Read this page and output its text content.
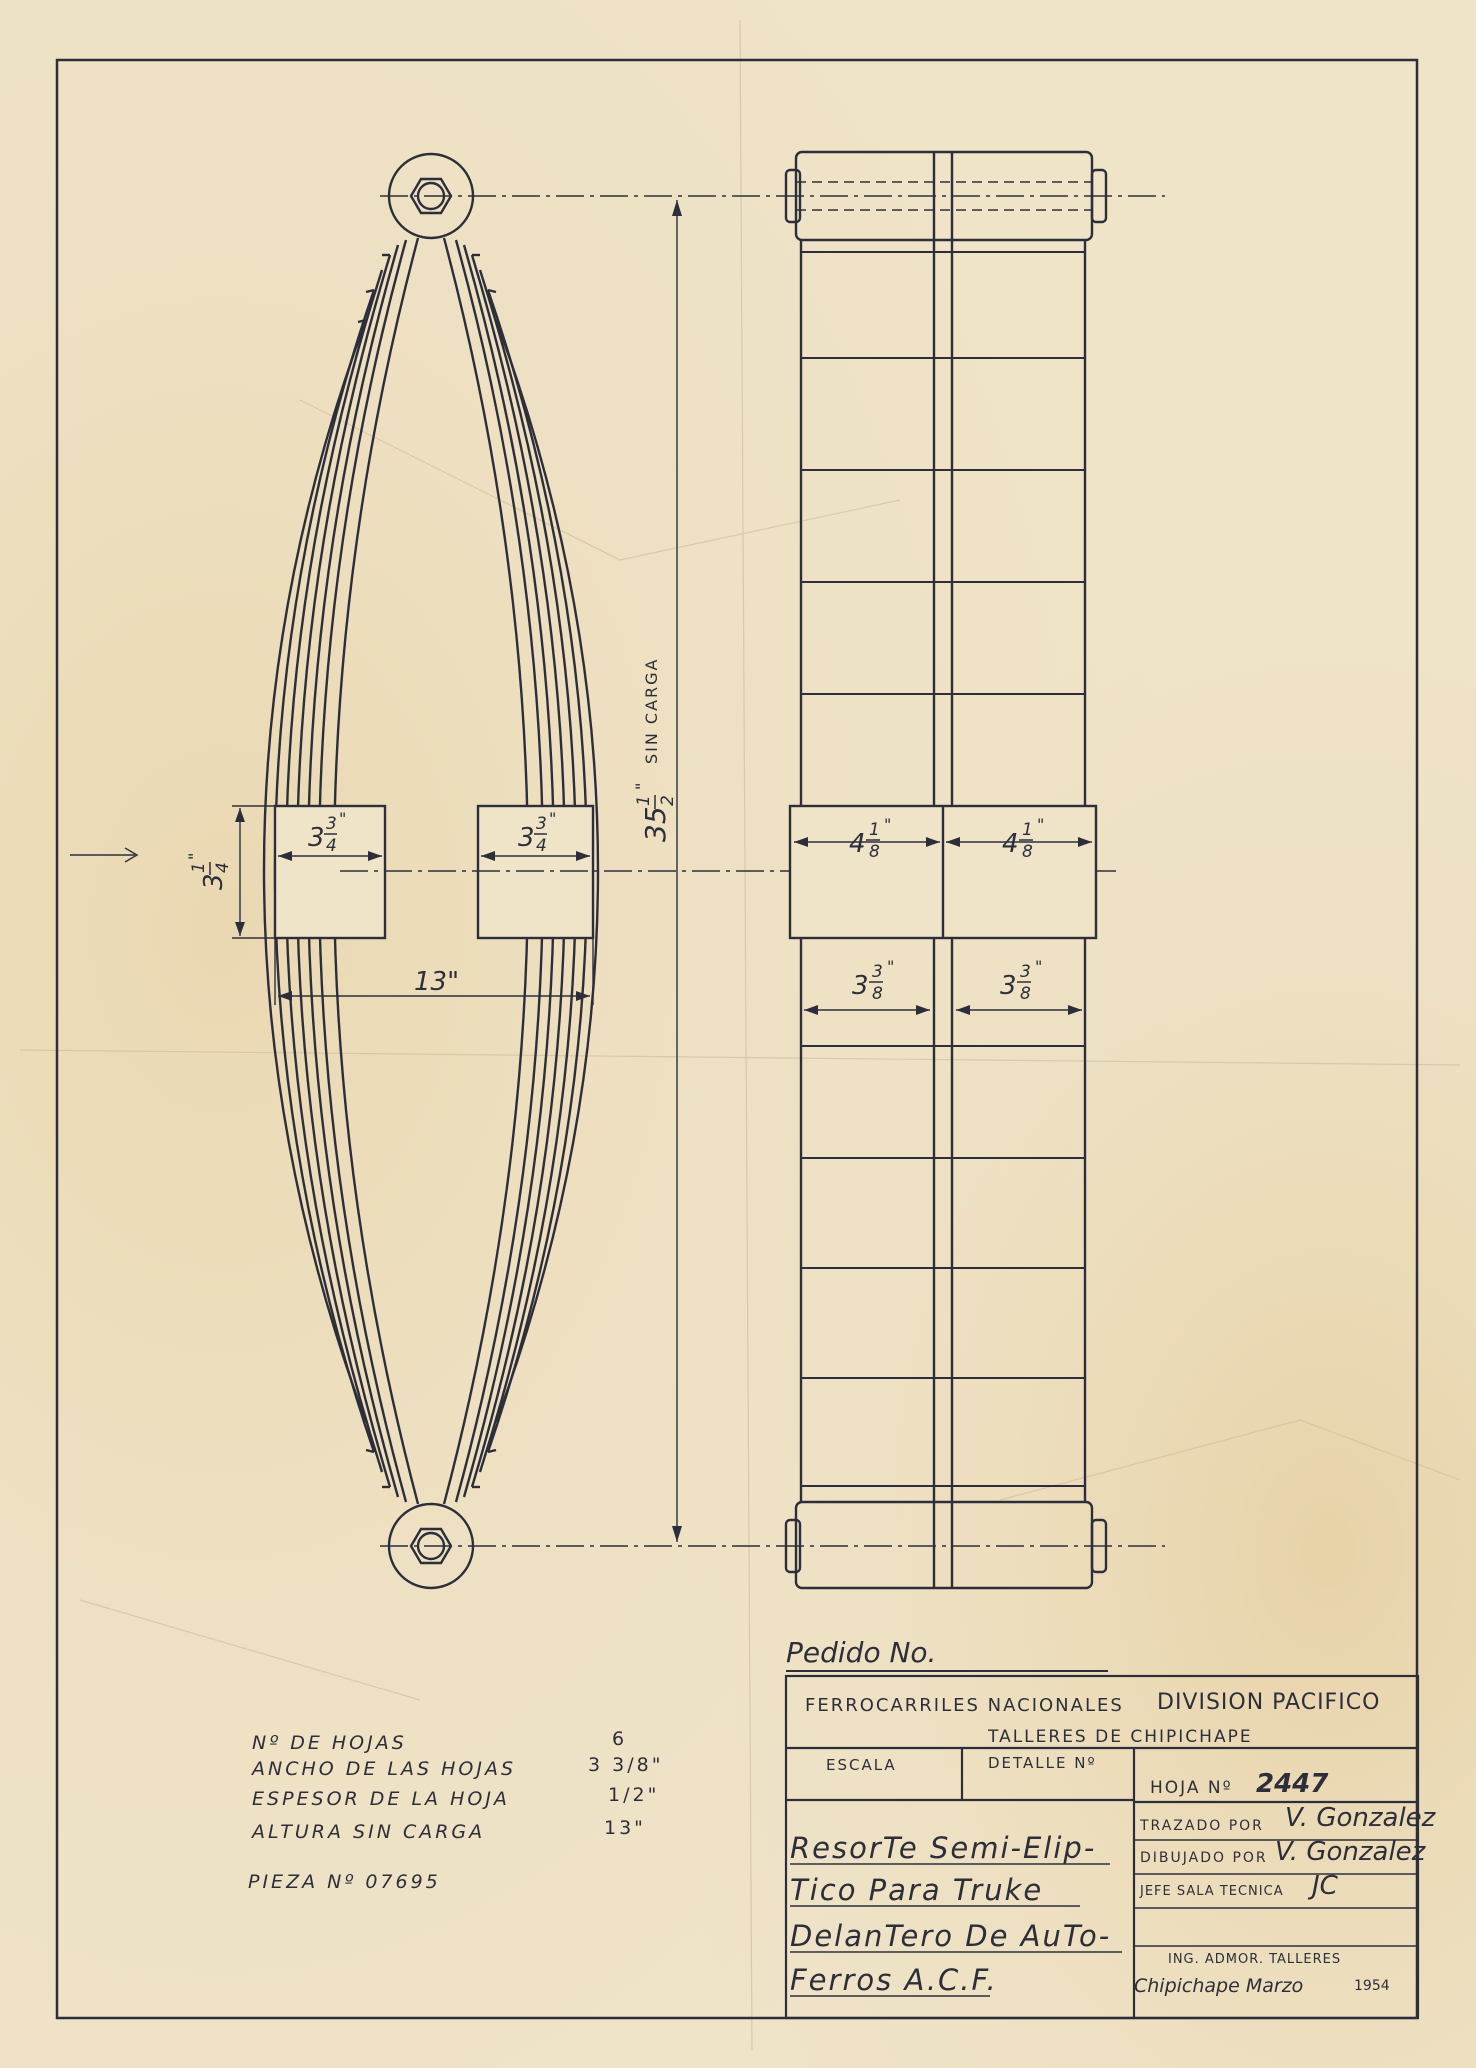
3 3
4
"
3 3
4
"
3
1 4
"
13"
35
1 2
"
SIN CARGA
4 1
8
"
4 1
8
"
3 3
8
"
3 3
8
"
Nº DE HOJAS	6
ANCHO DE LAS HOJAS	3 3/8"
ESPESOR DE LA HOJA	1/2"
ALTURA SIN CARGA	13"
PIEZA Nº 07695
Pedido No.
FERROCARRILES NACIONALES DIVISION PACIFICO
TALLERES DE CHIPICHAPE
ESCALA	DETALLE Nº
HOJA Nº 2447
TRAZADO POR V. Gonzalez
DIBUJADO POR V. Gonzalez
JEFE SALA TECNICA JC
ResorTe Semi-Elip-
Tico Para Truke
DelanTero De AuTo-
Ferros A.C.F.
ING. ADMOR. TALLERES
Chipichape Marzo	1954
